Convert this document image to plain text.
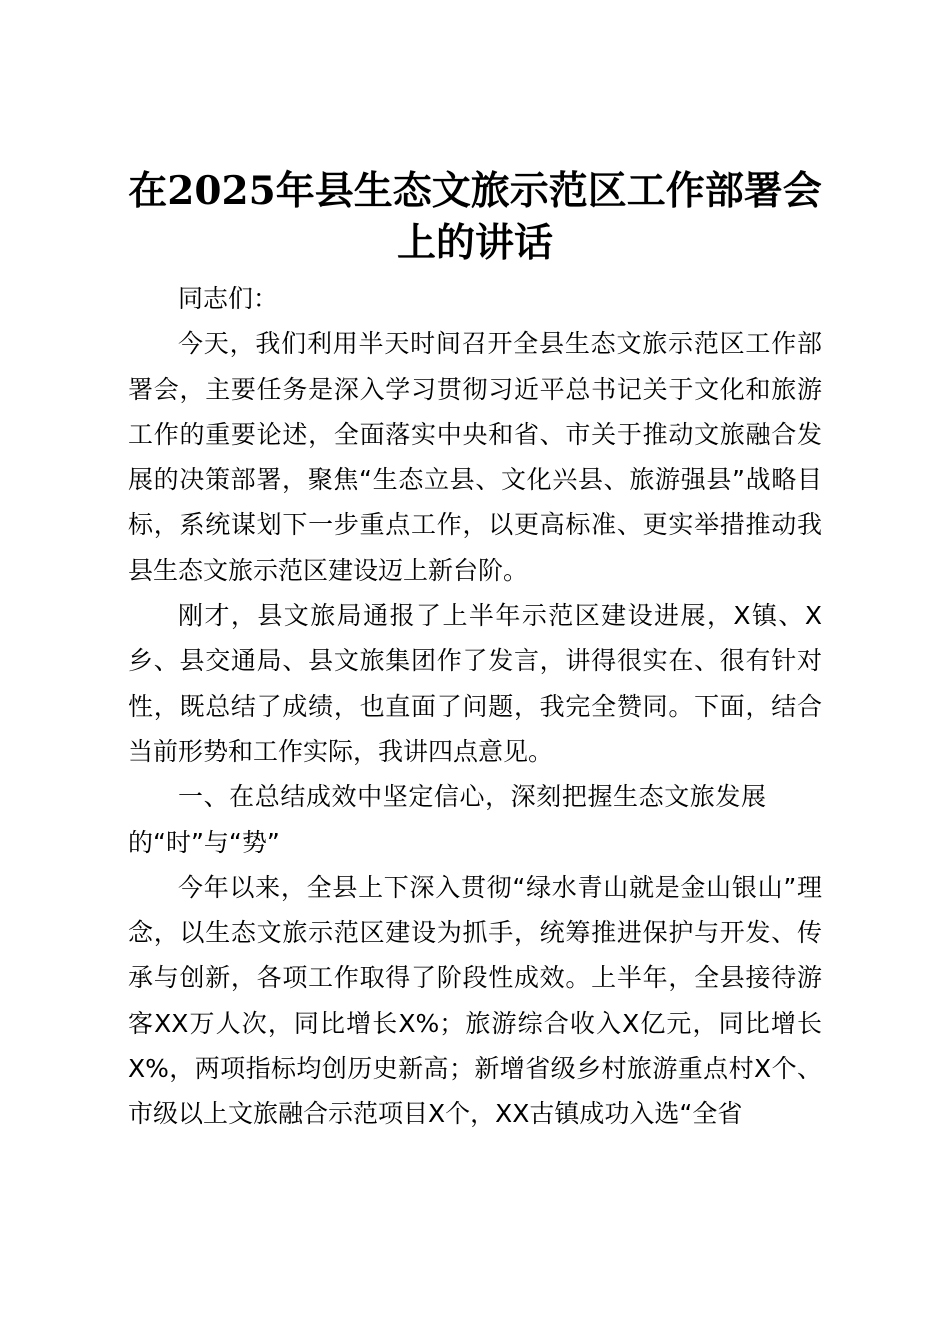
在2025年县生态文旅示范区工作部署会上的讲话

同志们：

今天，我们利用半天时间召开全县生态文旅示范区工作部署会，主要任务是深入学习贯彻习近平总书记关于文化和旅游工作的重要论述，全面落实中央和省、市关于推动文旅融合发展的决策部署，聚焦“生态立县、文化兴县、旅游强县”战略目标，系统谋划下一步重点工作，以更高标准、更实举措推动我县生态文旅示范区建设迈上新台阶。

刚才，县文旅局通报了上半年示范区建设进展，X镇、X乡、县交通局、县文旅集团作了发言，讲得很实在、很有针对性，既总结了成绩，也直面了问题，我完全赞同。下面，结合当前形势和工作实际，我讲四点意见。

一、在总结成效中坚定信心，深刻把握生态文旅发展的“时”与“势”

今年以来，全县上下深入贯彻“绿水青山就是金山银山”理念，以生态文旅示范区建设为抓手，统筹推进保护与开发、传承与创新，各项工作取得了阶段性成效。上半年，全县接待游客XX万人次，同比增长X%；旅游综合收入X亿元，同比增长X%，两项指标均创历史新高；新增省级乡村旅游重点村X个、市级以上文旅融合示范项目X个，XX古镇成功入选“全省
